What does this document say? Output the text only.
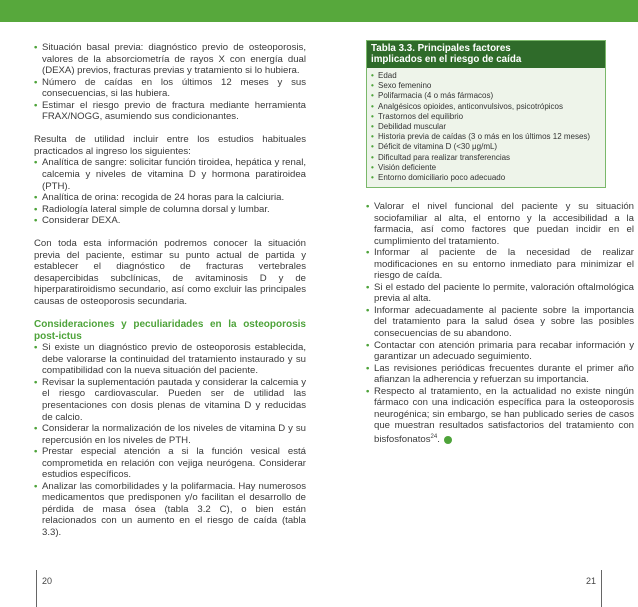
• Situación basal previa: diagnóstico previo de osteoporosis, valores de la absorciometría de rayos X con energía dual (DEXA) previos, fracturas previas y tratamiento si lo hubiera.
• Número de caídas en los últimos 12 meses y sus consecuencias, si las hubiera.
• Estimar el riesgo previo de fractura mediante herramienta FRAX/NOGG, asumiendo sus condicionantes.
Resulta de utilidad incluir entre los estudios habituales practicados al ingreso los siguientes:
• Analítica de sangre: solicitar función tiroidea, hepática y renal, calcemia y niveles de vitamina D y hormona paratiroidea (PTH).
• Analítica de orina: recogida de 24 horas para la calciuria.
• Radiología lateral simple de columna dorsal y lumbar.
• Considerar DEXA.
Con toda esta información podremos conocer la situación previa del paciente, estimar su punto actual de partida y establecer el diagnóstico de fracturas vertebrales desapercibidas subclínicas, de avitaminosis D y de hiperparatiroidismo secundario, así como excluir las principales causas de osteoporosis secundaria.
Consideraciones y peculiaridades en la osteoporosis post-ictus
• Si existe un diagnóstico previo de osteoporosis establecida, debe valorarse la continuidad del tratamiento instaurado y su compatibilidad con la nueva situación del paciente.
• Revisar la suplementación pautada y considerar la calcemia y el riesgo cardiovascular. Pueden ser de utilidad las presentaciones con dosis plenas de vitamina D y reducidas de calcio.
• Considerar la normalización de los niveles de vitamina D y su repercusión en los niveles de PTH.
• Prestar especial atención a si la función vesical está comprometida en relación con vejiga neurógena. Considerar estudios específicos.
• Analizar las comorbilidades y la polifarmacia. Hay numerosos medicamentos que predisponen y/o facilitan el desarrollo de pérdida de masa ósea (tabla 3.2 C), o bien están relacionados con un aumento en el riesgo de caída (tabla 3.3).
Tabla 3.3. Principales factores
implicados en el riesgo de caída
• Edad
• Sexo femenino
• Polifarmacia (4 o más fármacos)
• Analgésicos opioides, anticonvulsivos, psicotrópicos
• Trastornos del equilibrio
• Debilidad muscular
• Historia previa de caídas (3 o más en los últimos 12 meses)
• Déficit de vitamina D (<30 μg/mL)
• Dificultad para realizar transferencias
• Visión deficiente
• Entorno domiciliario poco adecuado
• Valorar el nivel funcional del paciente y su situación sociofamiliar al alta, el entorno y la accesibilidad a la farmacia, así como factores que puedan incidir en el cumplimiento del tratamiento.
• Informar al paciente de la necesidad de realizar modificaciones en su entorno inmediato para minimizar el riesgo de caída.
• Si el estado del paciente lo permite, valoración oftalmológica previa al alta.
• Informar adecuadamente al paciente sobre la importancia del tratamiento para la salud ósea y sobre las posibles consecuencias de su abandono.
• Contactar con atención primaria para recabar información y garantizar un adecuado seguimiento.
• Las revisiones periódicas frecuentes durante el primer año afianzan la adherencia y refuerzan su importancia.
• Respecto al tratamiento, en la actualidad no existe ningún fármaco con una indicación específica para la osteoporosis neurogénica; sin embargo, se han publicado series de casos que muestran resultados satisfactorios del tratamiento con bisfosfonatos$^{24}$.
20	21
